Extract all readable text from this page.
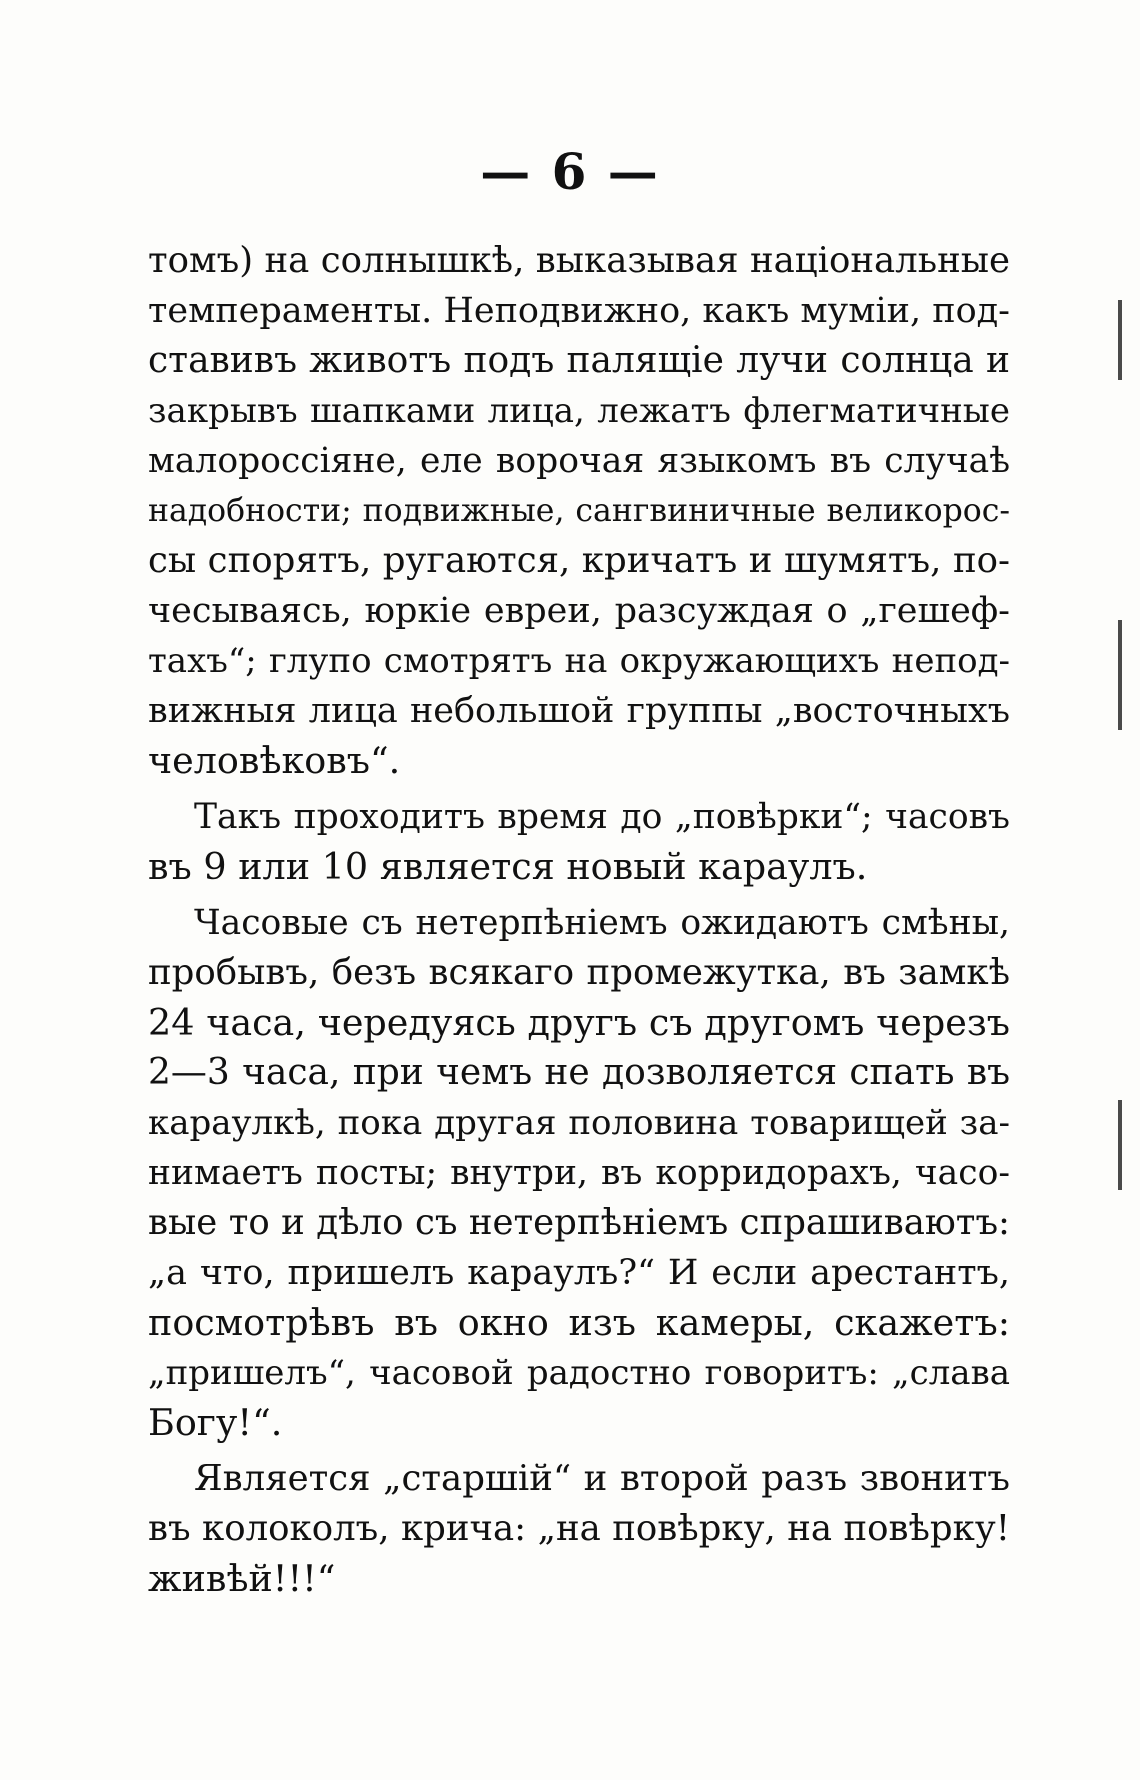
— 6 —
томъ) на солнышкѣ, выказывая національные
темпераменты. Неподвижно, какъ муміи, под-
ставивъ животъ подъ палящіе лучи солнца и
закрывъ шапками лица, лежатъ флегматичные
малороссіяне, еле ворочая языкомъ въ случаѣ
надобности; подвижные, сангвиничные великорос-
сы спорятъ, ругаются, кричатъ и шумятъ, по-
чесываясь, юркіе евреи, разсуждая о „гешеф-
тахъ“; глупо смотрятъ на окружающихъ непод-
вижныя лица небольшой группы „восточныхъ
человѣковъ“.
Такъ проходитъ время до „повѣрки“; часовъ
въ 9 или 10 является новый караулъ.
Часовые съ нетерпѣніемъ ожидаютъ смѣны,
пробывъ, безъ всякаго промежутка, въ замкѣ
24 часа, чередуясь другъ съ другомъ черезъ
2—3 часа, при чемъ не дозволяется спать въ
караулкѣ, пока другая половина товарищей за-
нимаетъ посты; внутри, въ корридорахъ, часо-
вые то и дѣло съ нетерпѣніемъ спрашиваютъ:
„а что, пришелъ караулъ?“ И если арестантъ,
посмотрѣвъ въ окно изъ камеры, скажетъ:
„пришелъ“, часовой радостно говоритъ: „слава
Богу!“.
Является „старшій“ и второй разъ звонитъ
въ колоколъ, крича: „на повѣрку, на повѣрку!
живѣй!!!“
